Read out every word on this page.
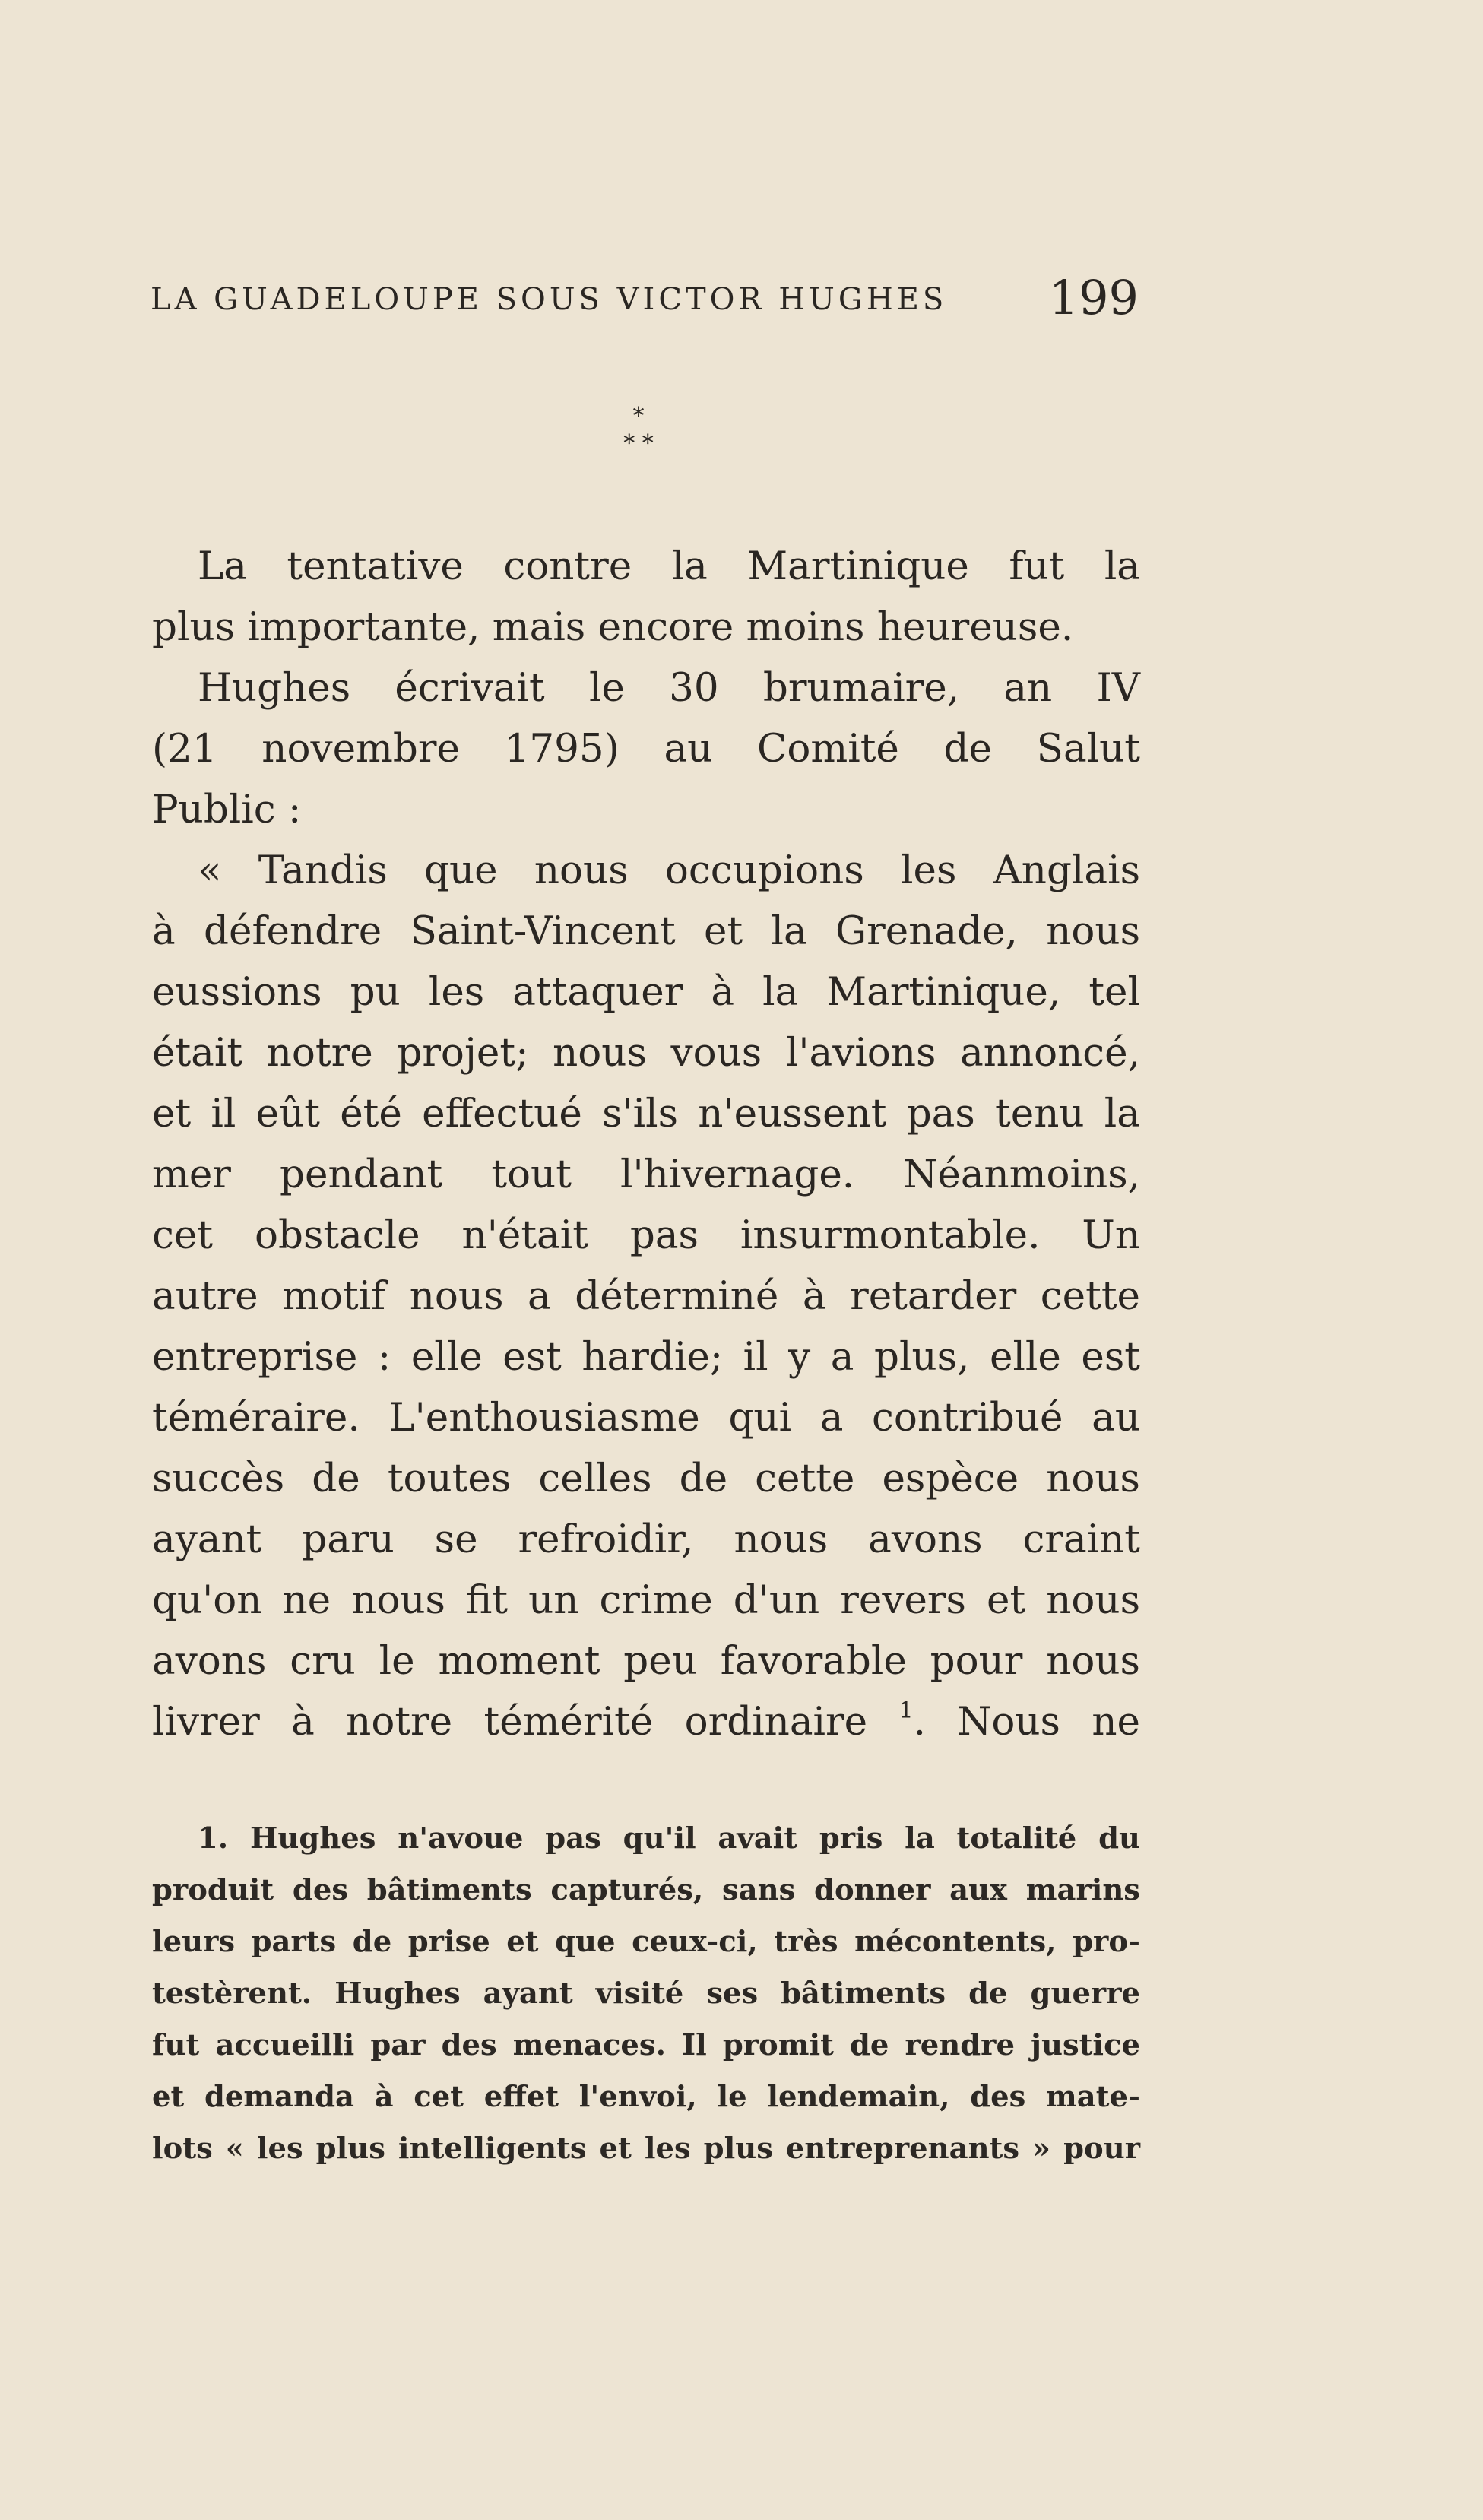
LA GUADELOUPE SOUS VICTOR HUGHES 199
*
* *
La tentative contre la Martinique fut la
plus importante, mais encore moins heureuse.
Hughes écrivait le 30 brumaire, an IV
(21 novembre 1795) au Comité de Salut
Public :
« Tandis que nous occupions les Anglais
à défendre Saint-Vincent et la Grenade, nous
eussions pu les attaquer à la Martinique, tel
était notre projet; nous vous l'avions annoncé,
et il eût été effectué s'ils n'eussent pas tenu la
mer pendant tout l'hivernage. Néanmoins,
cet obstacle n'était pas insurmontable. Un
autre motif nous a déterminé à retarder cette
entreprise : elle est hardie; il y a plus, elle est
téméraire. L'enthousiasme qui a contribué au
succès de toutes celles de cette espèce nous
ayant paru se refroidir, nous avons craint
qu'on ne nous fit un crime d'un revers et nous
avons cru le moment peu favorable pour nous
livrer à notre témérité ordinaire $^1$. Nous ne
1. Hughes n'avoue pas qu'il avait pris la totalité du
produit des bâtiments capturés, sans donner aux marins
leurs parts de prise et que ceux-ci, très mécontents, pro-
testèrent. Hughes ayant visité ses bâtiments de guerre
fut accueilli par des menaces. Il promit de rendre justice
et demanda à cet effet l'envoi, le lendemain, des mate-
lots « les plus intelligents et les plus entreprenants » pour
